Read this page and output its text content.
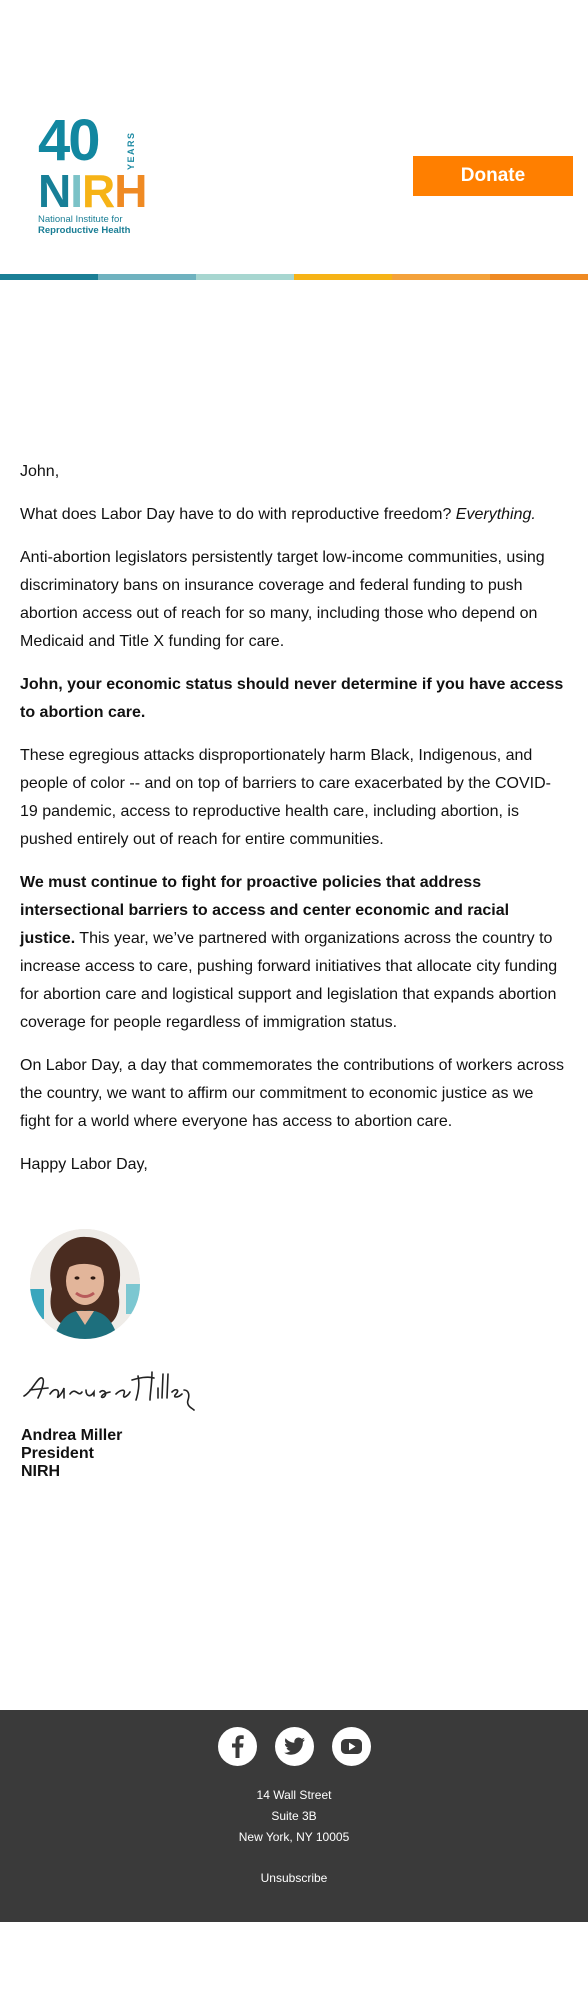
40	YEARS
N I R H
National Institute for
Reproductive Health
Donate

John,

What does Labor Day have to do with reproductive freedom? Everything.

Anti-abortion legislators persistently target low-income communities, using discriminatory bans on insurance coverage and federal funding to push abortion access out of reach for so many, including those who depend on Medicaid and Title X funding for care.

John, your economic status should never determine if you have access to abortion care.

These egregious attacks disproportionately harm Black, Indigenous, and people of color -- and on top of barriers to care exacerbated by the COVID-19 pandemic, access to reproductive health care, including abortion, is pushed entirely out of reach for entire communities.

We must continue to fight for proactive policies that address intersectional barriers to access and center economic and racial justice. This year, we’ve partnered with organizations across the country to increase access to care, pushing forward initiatives that allocate city funding for abortion care and logistical support and legislation that expands abortion coverage for people regardless of immigration status.

On Labor Day, a day that commemorates the contributions of workers across the country, we want to affirm our commitment to economic justice as we fight for a world where everyone has access to abortion care.

Happy Labor Day,

Andrea Miller
President
NIRH
14 Wall Street
Suite 3B
New York, NY 10005
Unsubscribe
